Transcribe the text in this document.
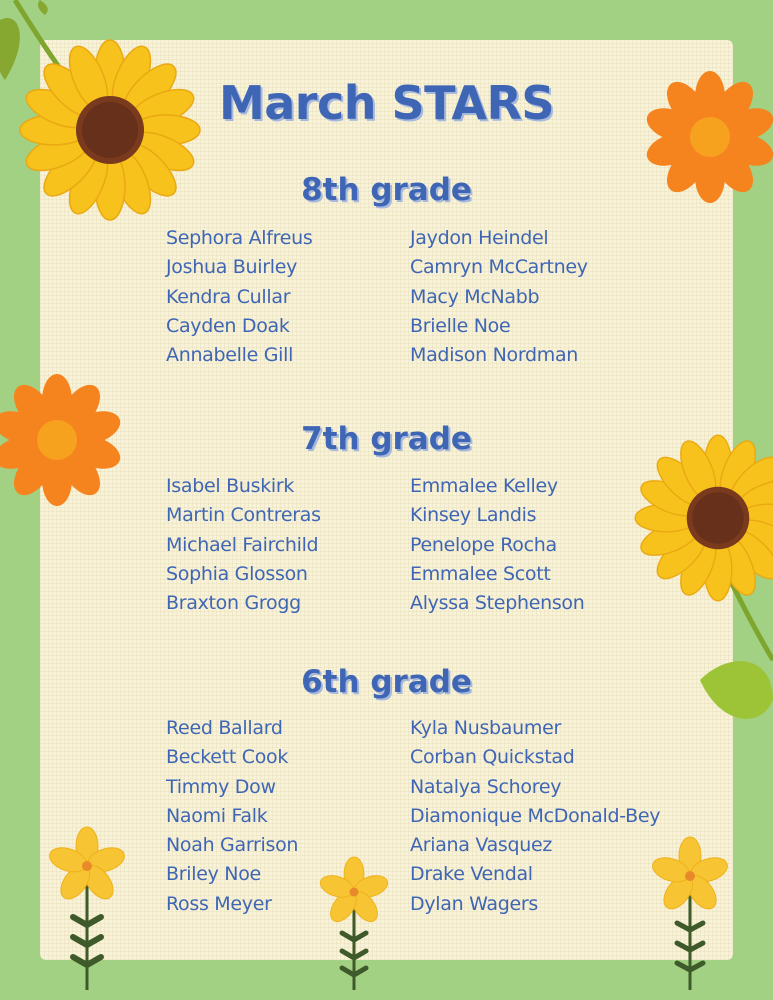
March STARS
8th grade
Sephora Alfreus
Joshua Buirley
Kendra Cullar
Cayden Doak
Annabelle Gill
Jaydon Heindel
Camryn McCartney
Macy McNabb
Brielle Noe
Madison Nordman
7th grade
Isabel Buskirk
Martin Contreras
Michael Fairchild
Sophia Glosson
Braxton Grogg
Emmalee Kelley
Kinsey Landis
Penelope Rocha
Emmalee Scott
Alyssa Stephenson
6th grade
Reed Ballard
Beckett Cook
Timmy Dow
Naomi Falk
Noah Garrison
Briley Noe
Ross Meyer
Kyla Nusbaumer
Corban Quickstad
Natalya Schorey
Diamonique McDonald-Bey
Ariana Vasquez
Drake Vendal
Dylan Wagers
